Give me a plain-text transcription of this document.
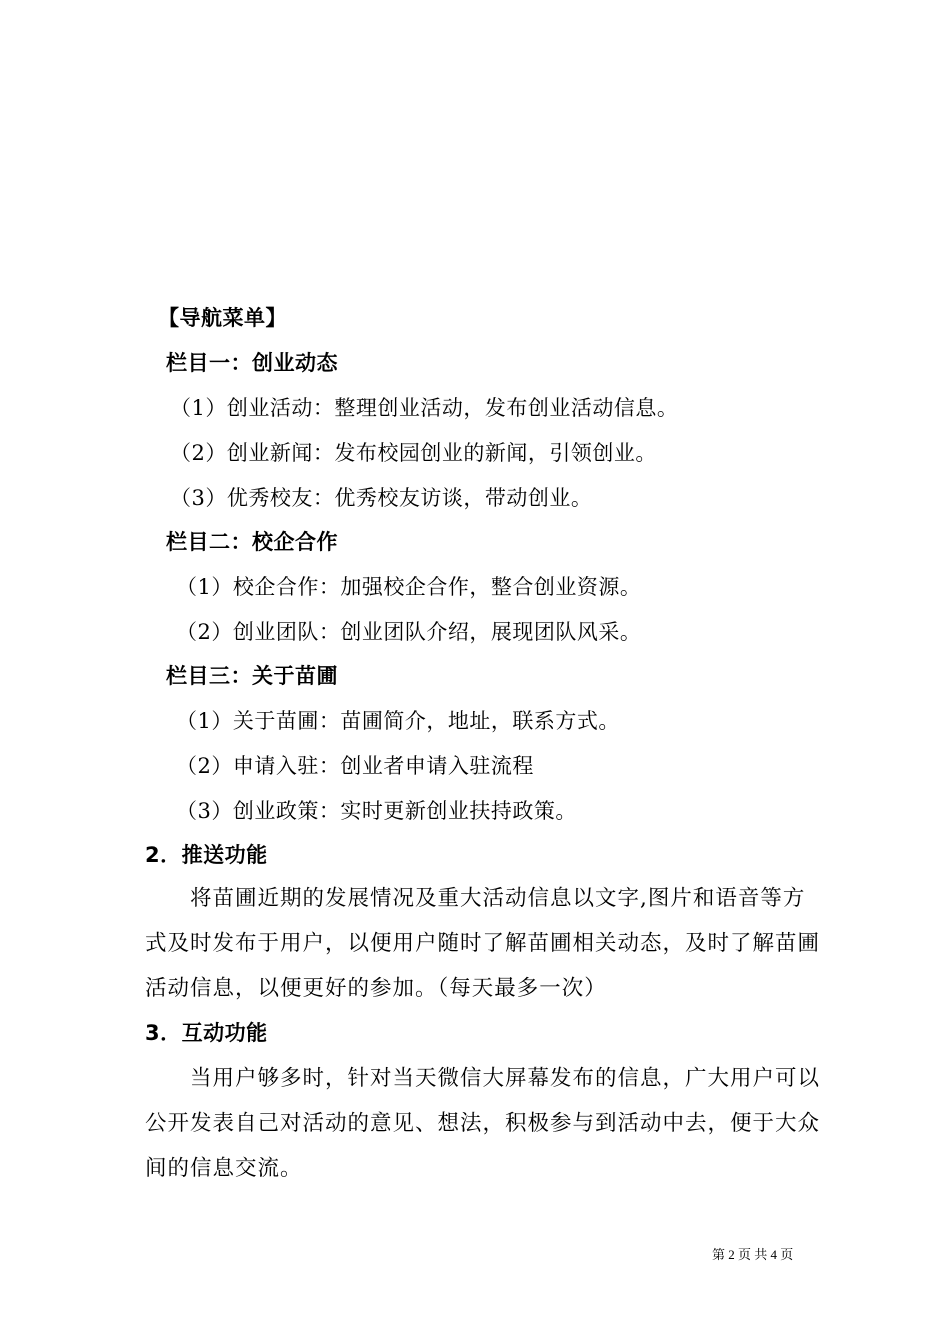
【导航菜单】
栏目一：创业动态
（1）创业活动：整理创业活动，发布创业活动信息。
（2）创业新闻：发布校园创业的新闻，引领创业。
（3）优秀校友：优秀校友访谈，带动创业。
栏目二：校企合作
（1）校企合作：加强校企合作，整合创业资源。
（2）创业团队：创业团队介绍，展现团队风采。
栏目三：关于苗圃
（1）关于苗圃：苗圃简介，地址，联系方式。
（2）申请入驻：创业者申请入驻流程
（3）创业政策：实时更新创业扶持政策。
2．推送功能
将苗圃近期的发展情况及重大活动信息以文字,图片和语音等方
式及时发布于用户，以便用户随时了解苗圃相关动态，及时了解苗圃
活动信息，以便更好的参加。（每天最多一次）
3．互动功能
当用户够多时，针对当天微信大屏幕发布的信息，广大用户可以
公开发表自己对活动的意见、想法，积极参与到活动中去，便于大众
间的信息交流。
第 2 页 共 4 页
